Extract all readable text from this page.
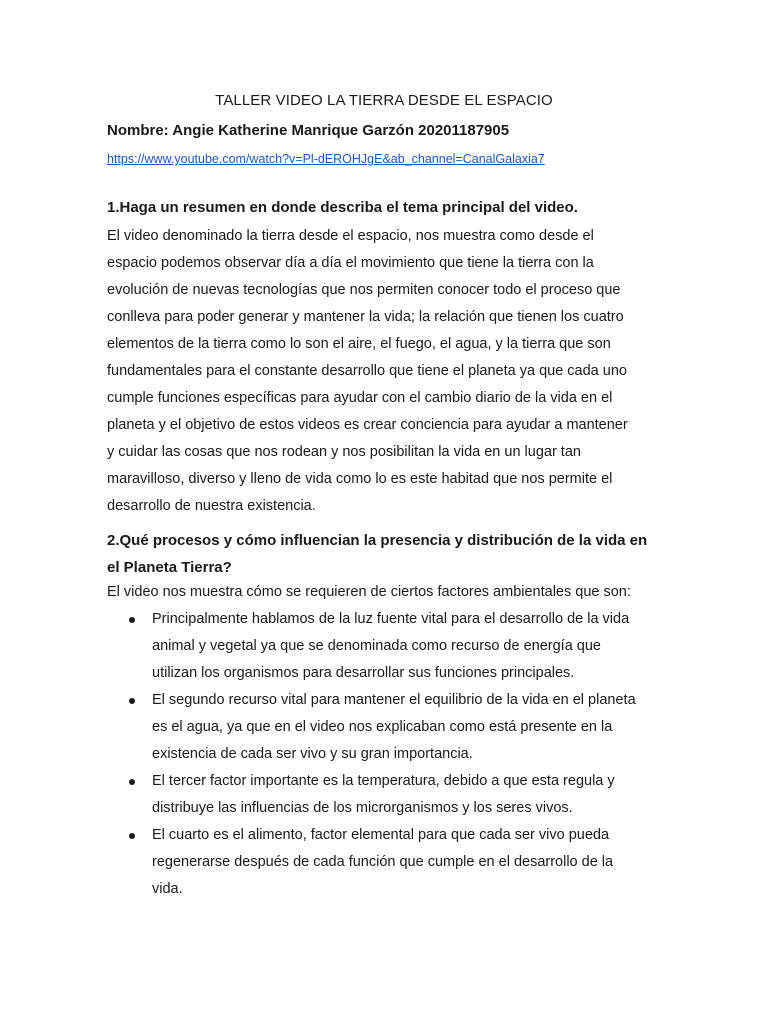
TALLER VIDEO LA TIERRA DESDE EL ESPACIO
Nombre: Angie Katherine Manrique Garzón 20201187905
https://www.youtube.com/watch?v=Pl-dEROHJgE&ab_channel=CanalGalaxia7
1.Haga un resumen en donde describa el tema principal del video.
El video denominado la tierra desde el espacio, nos muestra como desde el
espacio podemos observar día a día el movimiento que tiene la tierra con la
evolución de nuevas tecnologías que nos permiten conocer todo el proceso que
conlleva para poder generar y mantener la vida; la relación que tienen los cuatro
elementos de la tierra como lo son el aire, el fuego, el agua, y la tierra que son
fundamentales para el constante desarrollo que tiene el planeta ya que cada uno
cumple funciones específicas para ayudar con el cambio diario de la vida en el
planeta y el objetivo de estos videos es crear conciencia para ayudar a mantener
y cuidar las cosas que nos rodean y nos posibilitan la vida en un lugar tan
maravilloso, diverso y lleno de vida como lo es este habitad que nos permite el
desarrollo de nuestra existencia.
2.Qué procesos y cómo influencian la presencia y distribución de la vida en
el Planeta Tierra?
El video nos muestra cómo se requieren de ciertos factores ambientales que son:
Principalmente hablamos de la luz fuente vital para el desarrollo de la vida
animal y vegetal ya que se denominada como recurso de energía que
utilizan los organismos para desarrollar sus funciones principales.
El segundo recurso vital para mantener el equilibrio de la vida en el planeta
es el agua, ya que en el video nos explicaban como está presente en la
existencia de cada ser vivo y su gran importancia.
El tercer factor importante es la temperatura, debido a que esta regula y
distribuye las influencias de los microrganismos y los seres vivos.
El cuarto es el alimento, factor elemental para que cada ser vivo pueda
regenerarse después de cada función que cumple en el desarrollo de la
vida.
